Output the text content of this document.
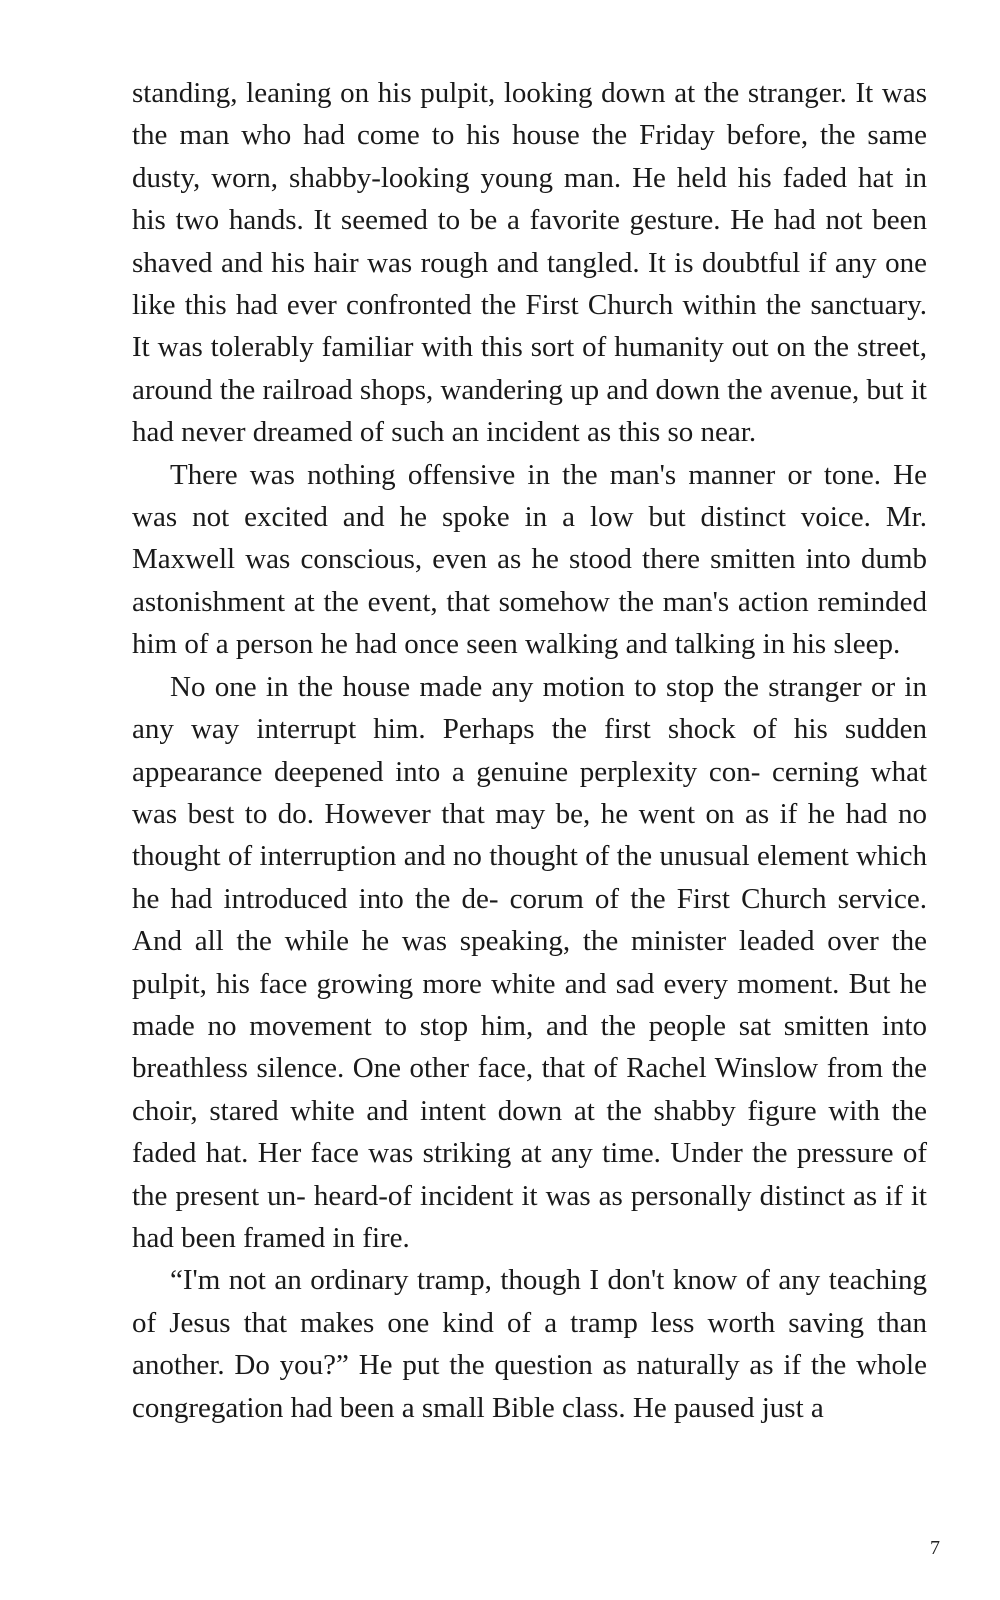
standing, leaning on his pulpit, looking down at the stranger. It was the man who had come to his house the Friday before, the same dusty, worn, shabby-looking young man. He held his faded hat in his two hands. It seemed to be a favorite gesture. He had not been shaved and his hair was rough and tangled. It is doubtful if any one like this had ever confronted the First Church within the sanctuary. It was tolerably familiar with this sort of humanity out on the street, around the railroad shops, wandering up and down the avenue, but it had never dreamed of such an incident as this so near.

There was nothing offensive in the man's manner or tone. He was not excited and he spoke in a low but distinct voice. Mr. Maxwell was conscious, even as he stood there smitten into dumb astonishment at the event, that somehow the man's action reminded him of a person he had once seen walking and talking in his sleep.

No one in the house made any motion to stop the stranger or in any way interrupt him. Perhaps the first shock of his sudden appearance deepened into a genuine perplexity con- cerning what was best to do. However that may be, he went on as if he had no thought of interruption and no thought of the unusual element which he had introduced into the de- corum of the First Church service. And all the while he was speaking, the minister leaded over the pulpit, his face growing more white and sad every moment. But he made no movement to stop him, and the people sat smitten into breathless silence. One other face, that of Rachel Winslow from the choir, stared white and intent down at the shabby figure with the faded hat. Her face was striking at any time. Under the pressure of the present un- heard-of incident it was as personally distinct as if it had been framed in fire.

“I'm not an ordinary tramp, though I don't know of any teaching of Jesus that makes one kind of a tramp less worth saving than another. Do you?” He put the question as naturally as if the whole congregation had been a small Bible class. He paused just a

7
